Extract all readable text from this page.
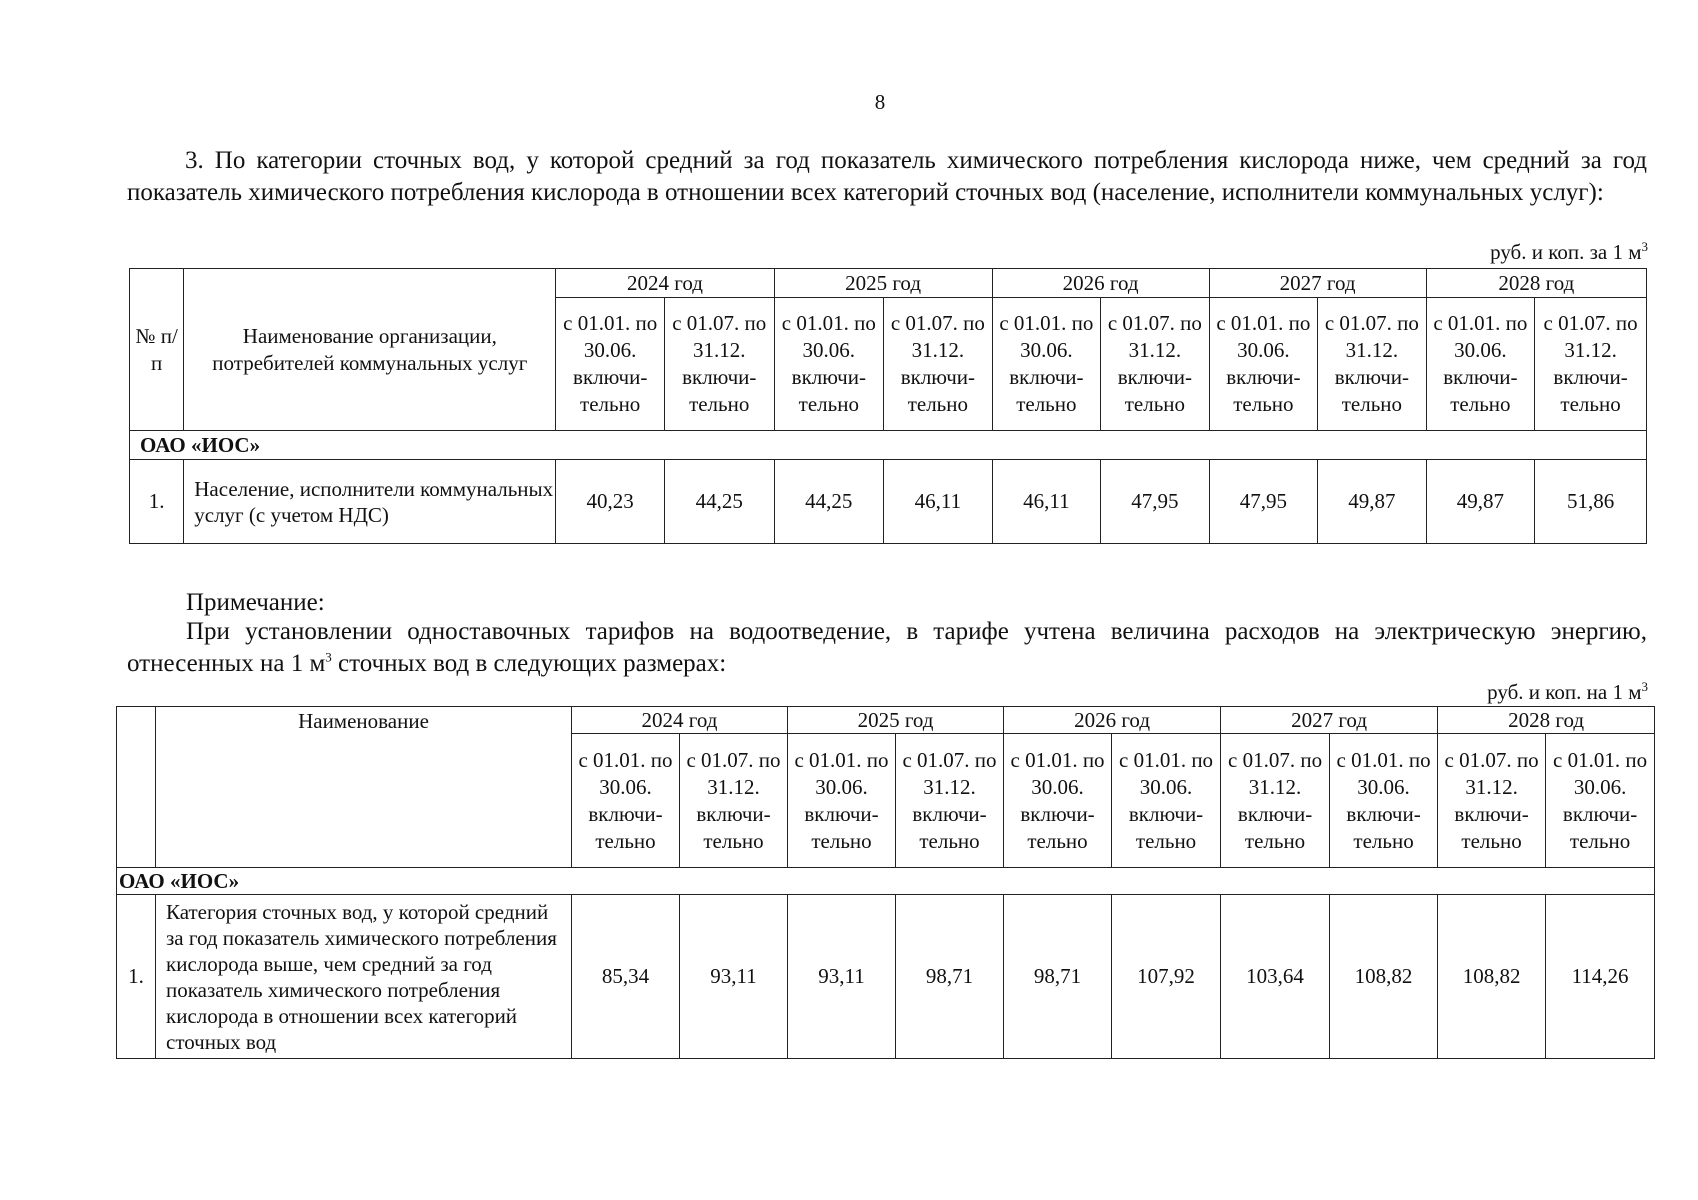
8
3. По категории сточных вод, у которой средний за год показатель химического потребления кислорода ниже, чем средний за год показатель химического потребления кислорода в отношении всех категорий сточных вод (население, исполнители коммунальных услуг):
руб. и коп. за 1 $м^3$
№ п/п	Наименование организации, потребителей коммунальных услуг	2024 год		2025 год		2026 год		2027 год		2028 год	
		с 01.01. по 30.06. включи-тельно	с 01.07. по 31.12. включи-тельно	с 01.01. по 30.06. включи-тельно	с 01.07. по 31.12. включи-тельно	с 01.01. по 30.06. включи-тельно	с 01.07. по 31.12. включи-тельно	с 01.01. по 30.06. включи-тельно	с 01.07. по 31.12. включи-тельно	с 01.01. по 30.06. включи-тельно	с 01.07. по 31.12. включи-тельно
ОАО «ИОС»											
1.	Население, исполнители коммунальных услуг (с учетом НДС)	40,23	44,25	44,25	46,11	46,11	47,95	47,95	49,87	49,87	51,86
Примечание:
При установлении одноставочных тарифов на водоотведение, в тарифе учтена величина расходов на электрическую энергию, отнесенных на 1 $м^3$ сточных вод в следующих размерах:
руб. и коп. на 1 $м^3$
	Наименование	2024 год		2025 год		2026 год		2027 год		2028 год	
		с 01.01. по 30.06. включи-тельно	с 01.07. по 31.12. включи-тельно	с 01.01. по 30.06. включи-тельно	с 01.07. по 31.12. включи-тельно	с 01.01. по 30.06. включи-тельно	с 01.01. по 30.06. включи-тельно	с 01.07. по 31.12. включи-тельно	с 01.01. по 30.06. включи-тельно	с 01.07. по 31.12. включи-тельно	с 01.01. по 30.06. включи-тельно
ОАО «ИОС»											
1.	Категория сточных вод, у которой средний за год показатель химического потребления кислорода выше, чем средний за год показатель химического потребления кислорода в отношении всех категорий сточных вод	85,34	93,11	93,11	98,71	98,71	107,92	103,64	108,82	108,82	114,26
